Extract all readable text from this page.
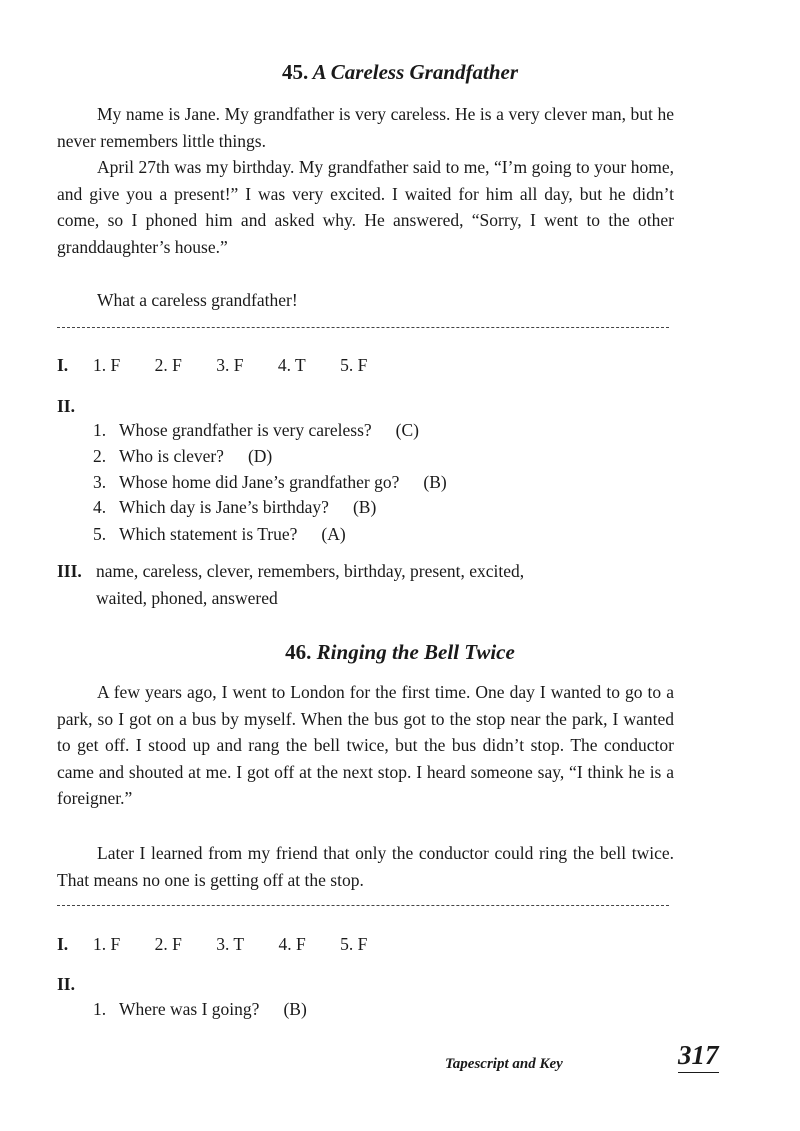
45. A Careless Grandfather

My name is Jane. My grandfather is very careless. He is a very clever man, but he never remembers little things.

April 27th was my birthday. My grandfather said to me, “I’m going to your home, and give you a present!” I was very excited. I waited for him all day, but he didn’t come, so I phoned him and asked why. He answered, “Sorry, I went to the other granddaughter’s house.”

What a careless grandfather!

I. 1. F 2. F 3. F 4. T 5. F
II.
1. Whose grandfather is very careless? (C)
2. Who is clever? (D)
3. Whose home did Jane’s grandfather go? (B)
4. Which day is Jane’s birthday? (B)
5. Which statement is True? (A)
III. name, careless, clever, remembers, birthday, present, excited,
waited, phoned, answered
46. Ringing the Bell Twice

A few years ago, I went to London for the first time. One day I wanted to go to a park, so I got on a bus by myself. When the bus got to the stop near the park, I wanted to get off. I stood up and rang the bell twice, but the bus didn’t stop. The conductor came and shouted at me. I got off at the next stop. I heard someone say, “I think he is a foreigner.”

Later I learned from my friend that only the conductor could ring the bell twice. That means no one is getting off at the stop.

I. 1. F 2. F 3. T 4. F 5. F
II.
1. Where was I going? (B)
Tapescript and Key	317
